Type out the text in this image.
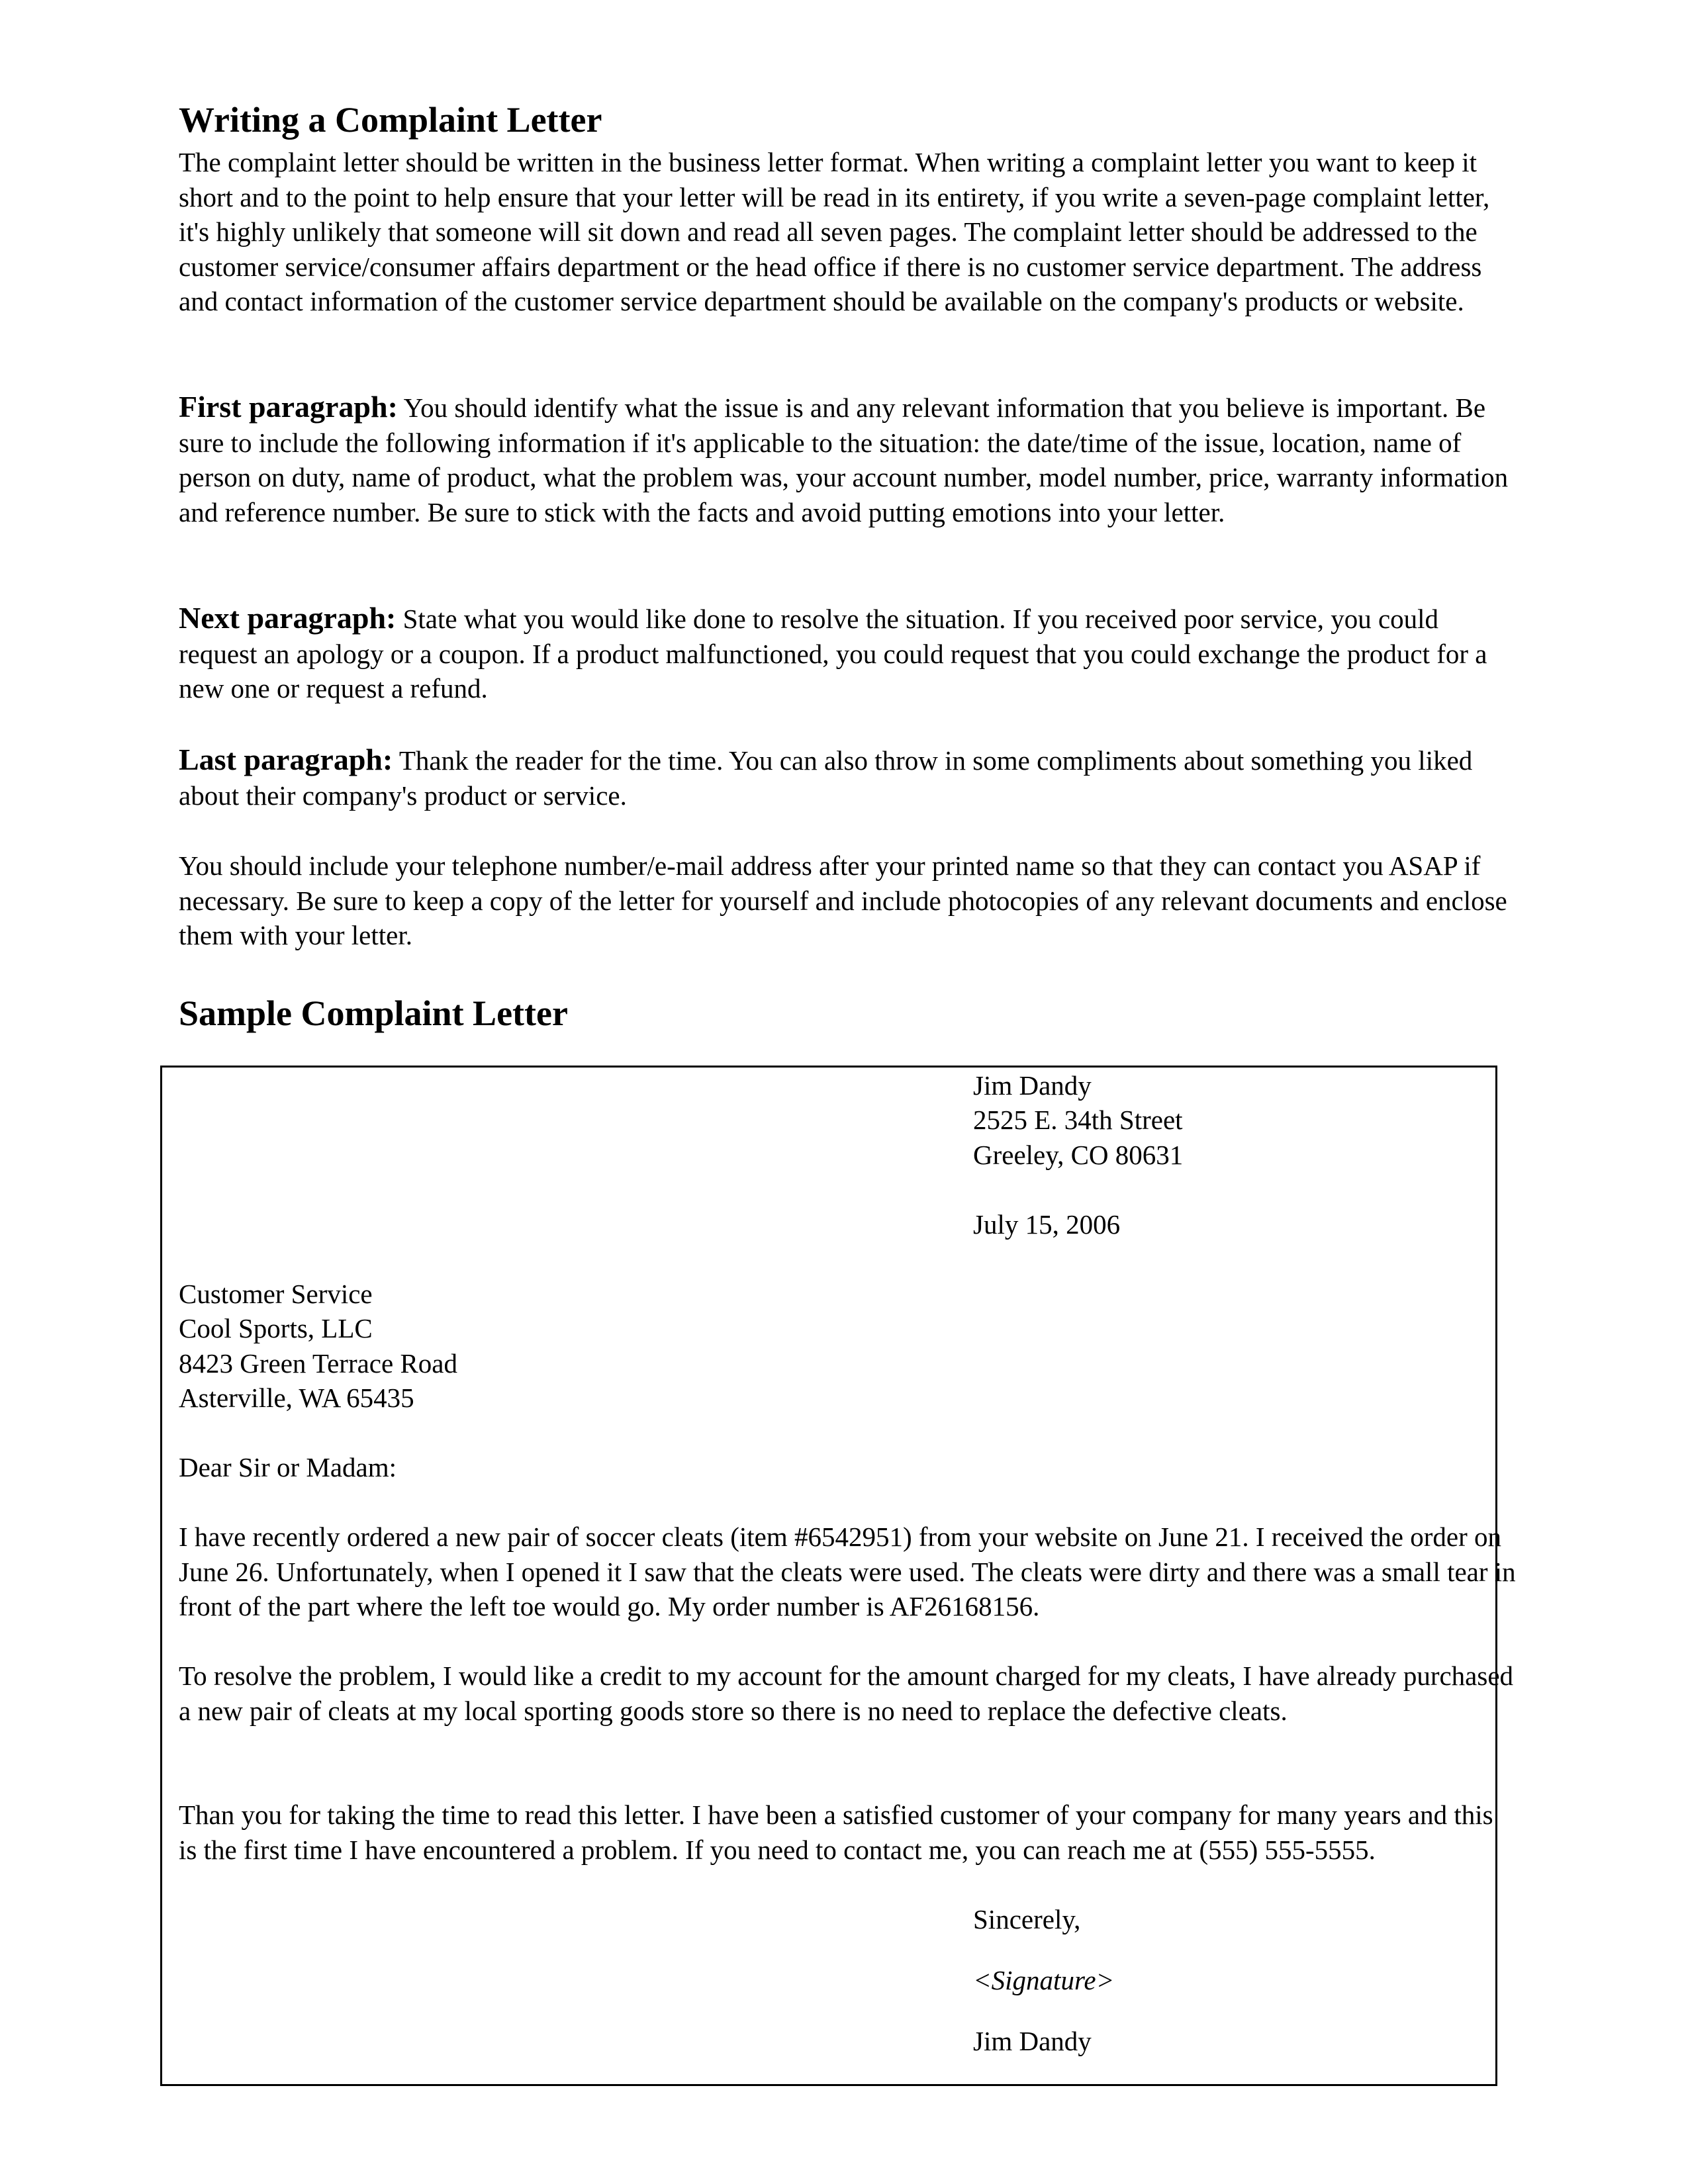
Writing a Complaint Letter
The complaint letter should be written in the business letter format. When writing a complaint letter you want to keep it short and to the point to help ensure that your letter will be read in its entirety, if you write a seven-page complaint letter, it's highly unlikely that someone will sit down and read all seven pages. The complaint letter should be addressed to the customer service/consumer affairs department or the head office if there is no customer service department. The address and contact information of the customer service department should be available on the company's products or website.
First paragraph: You should identify what the issue is and any relevant information that you believe is important. Be sure to include the following information if it's applicable to the situation: the date/time of the issue, location, name of person on duty, name of product, what the problem was, your account number, model number, price, warranty information and reference number. Be sure to stick with the facts and avoid putting emotions into your letter.
Next paragraph: State what you would like done to resolve the situation. If you received poor service, you could request an apology or a coupon. If a product malfunctioned, you could request that you could exchange the product for a new one or request a refund.
Last paragraph: Thank the reader for the time. You can also throw in some compliments about something you liked about their company's product or service.
You should include your telephone number/e-mail address after your printed name so that they can contact you ASAP if necessary. Be sure to keep a copy of the letter for yourself and include photocopies of any relevant documents and enclose them with your letter.
Sample Complaint Letter
Jim Dandy
2525 E. 34th Street
Greeley, CO 80631
July 15, 2006
Customer Service
Cool Sports, LLC
8423 Green Terrace Road
Asterville, WA 65435
Dear Sir or Madam:
I have recently ordered a new pair of soccer cleats (item #6542951) from your website on June 21. I received the order on June 26. Unfortunately, when I opened it I saw that the cleats were used. The cleats were dirty and there was a small tear in front of the part where the left toe would go. My order number is AF26168156.
To resolve the problem, I would like a credit to my account for the amount charged for my cleats, I have already purchased a new pair of cleats at my local sporting goods store so there is no need to replace the defective cleats.
Than you for taking the time to read this letter. I have been a satisfied customer of your company for many years and this is the first time I have encountered a problem. If you need to contact me, you can reach me at (555) 555-5555.
Sincerely,
<Signature>
Jim Dandy
